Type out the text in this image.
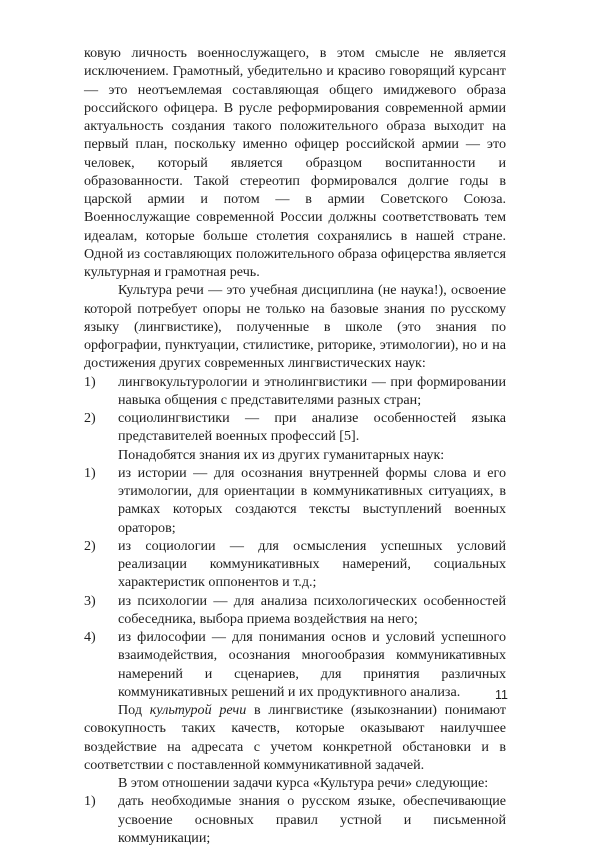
ковую личность военнослужащего, в этом смысле не является исключением. Грамотный, убедительно и красиво говорящий курсант — это неотъемлемая составляющая общего имиджевого образа российского офицера. В русле реформирования современной армии актуальность создания такого положительного образа выходит на первый план, поскольку именно офицер российской армии — это человек, который является образцом воспитанности и образованности. Такой стереотип формировался долгие годы в царской армии и потом — в армии Советского Союза. Военнослужащие современной России должны соответствовать тем идеалам, которые больше столетия сохранялись в нашей стране. Одной из составляющих положительного образа офицерства является культурная и грамотная речь.

Культура речи — это учебная дисциплина (не наука!), освоение которой потребует опоры не только на базовые знания по русскому языку (лингвистике), полученные в школе (это знания по орфографии, пунктуации, стилистике, риторике, этимологии), но и на достижения других современных лингвистических наук:

1)	лингвокультурологии и этнолингвистики — при формировании навыка общения с представителями разных стран;
2)	социолингвистики — при анализе особенностей языка представителей военных профессий [5].

Понадобятся знания их из других гуманитарных наук:

1)	из истории — для осознания внутренней формы слова и его этимологии, для ориентации в коммуникативных ситуациях, в рамках которых создаются тексты выступлений военных ораторов;
2)	из социологии — для осмысления успешных условий реализации коммуникативных намерений, социальных характеристик оппонентов и т.д.;
3)	из психологии — для анализа психологических особенностей собеседника, выбора приема воздействия на него;
4)	из философии — для понимания основ и условий успешного взаимодействия, осознания многообразия коммуникативных намерений и сценариев, для принятия различных коммуникативных решений и их продуктивного анализа.

Под культурой речи в лингвистике (языкознании) понимают совокупность таких качеств, которые оказывают наилучшее воздействие на адресата с учетом конкретной обстановки и в соответствии с поставленной коммуникативной задачей.

В этом отношении задачи курса «Культура речи» следующие:

1)	дать необходимые знания о русском языке, обеспечивающие усвоение основных правил устной и письменной коммуникации;
11
